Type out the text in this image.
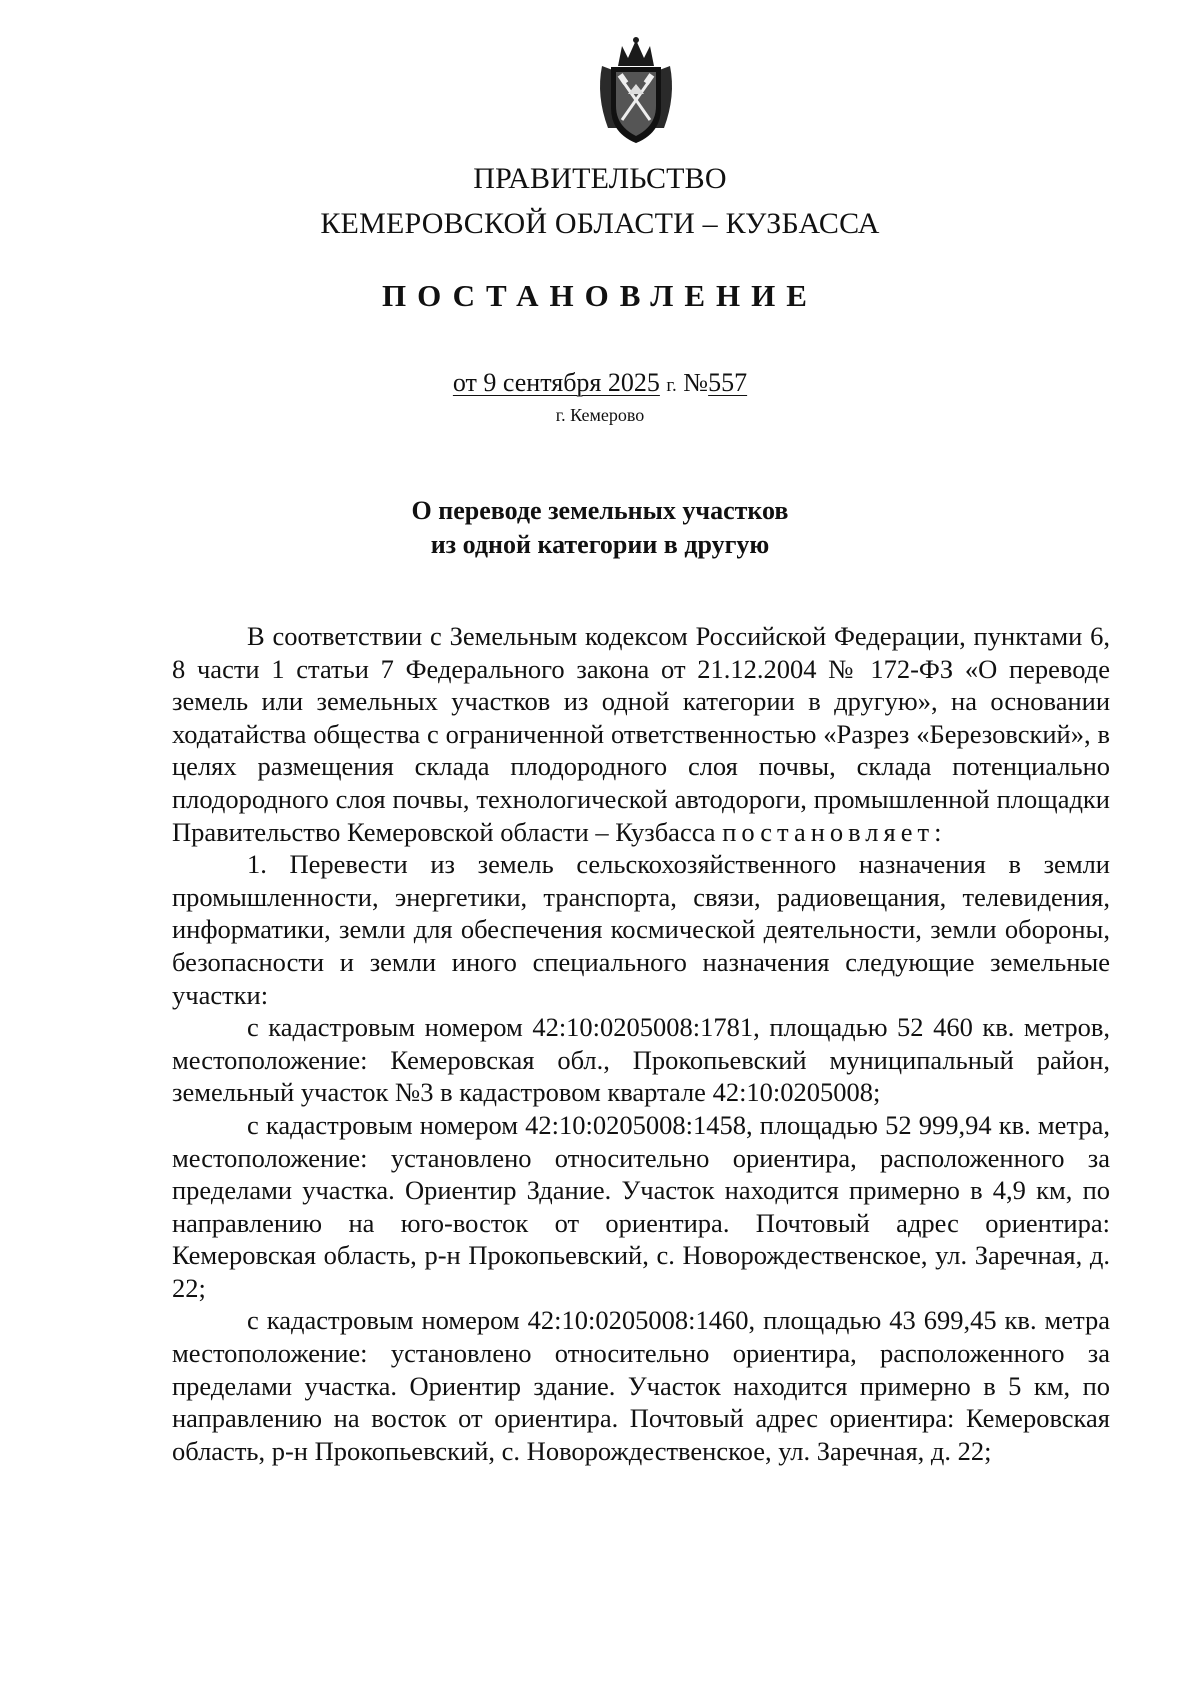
ПРАВИТЕЛЬСТВО
КЕМЕРОВСКОЙ ОБЛАСТИ – КУЗБАССА
ПОСТАНОВЛЕНИЕ
от 9 сентября 2025 г. №557
г. Кемерово
О переводе земельных участков
из одной категории в другую

В соответствии с Земельным кодексом Российской Федерации, пунктами 6, 8 части 1 статьи 7 Федерального закона от 21.12.2004 № 172-ФЗ «О переводе земель или земельных участков из одной категории в другую», на основании ходатайства общества с ограниченной ответственностью «Разрез «Березовский», в целях размещения склада плодородного слоя почвы, склада потенциально плодородного слоя почвы, технологической автодороги, промышленной площадки Правительство Кемеровской области – Кузбасса постановляет:

1. Перевести из земель сельскохозяйственного назначения в земли промышленности, энергетики, транспорта, связи, радиовещания, телевидения, информатики, земли для обеспечения космической деятельности, земли обороны, безопасности и земли иного специального назначения следующие земельные участки:

с кадастровым номером 42:10:0205008:1781, площадью 52 460 кв. метров, местоположение: Кемеровская обл., Прокопьевский муниципальный район, земельный участок №3 в кадастровом квартале 42:10:0205008;

с кадастровым номером 42:10:0205008:1458, площадью 52 999,94 кв. метра, местоположение: установлено относительно ориентира, расположенного за пределами участка. Ориентир Здание. Участок находится примерно в 4,9 км, по направлению на юго-восток от ориентира. Почтовый адрес ориентира: Кемеровская область, р-н Прокопьевский, с. Новорождественское, ул. Заречная, д. 22;

с кадастровым номером 42:10:0205008:1460, площадью 43 699,45 кв. метра местоположение: установлено относительно ориентира, расположенного за пределами участка. Ориентир здание. Участок находится примерно в 5 км, по направлению на восток от ориентира. Почтовый адрес ориентира: Кемеровская область, р-н Прокопьевский, с. Новорождественское, ул. Заречная, д. 22;
